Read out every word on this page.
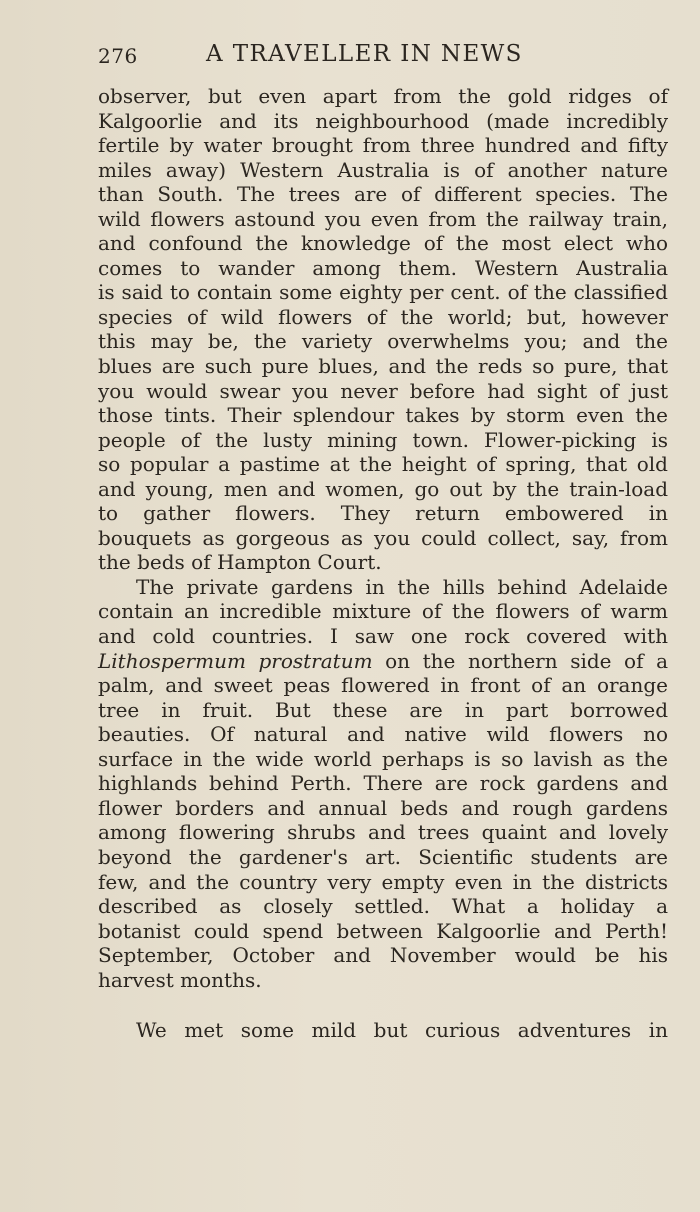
276	A TRAVELLER IN NEWS
observer, but even apart from the gold ridges of
Kalgoorlie and its neighbourhood (made incredibly
fertile by water brought from three hundred and fifty
miles away) Western Australia is of another nature
than South. The trees are of different species. The
wild flowers astound you even from the railway train,
and confound the knowledge of the most elect who
comes to wander among them. Western Australia
is said to contain some eighty per cent. of the classified
species of wild flowers of the world; but, however
this may be, the variety overwhelms you; and the
blues are such pure blues, and the reds so pure, that
you would swear you never before had sight of just
those tints. Their splendour takes by storm even the
people of the lusty mining town. Flower-picking is
so popular a pastime at the height of spring, that old
and young, men and women, go out by the train-load
to gather flowers. They return embowered in
bouquets as gorgeous as you could collect, say, from
the beds of Hampton Court.
The private gardens in the hills behind Adelaide
contain an incredible mixture of the flowers of warm
and cold countries. I saw one rock covered with
Lithospermum prostratum on the northern side of a
palm, and sweet peas flowered in front of an orange
tree in fruit. But these are in part borrowed
beauties. Of natural and native wild flowers no
surface in the wide world perhaps is so lavish as the
highlands behind Perth. There are rock gardens and
flower borders and annual beds and rough gardens
among flowering shrubs and trees quaint and lovely
beyond the gardener's art. Scientific students are
few, and the country very empty even in the districts
described as closely settled. What a holiday a
botanist could spend between Kalgoorlie and Perth!
September, October and November would be his
harvest months.
We met some mild but curious adventures in
